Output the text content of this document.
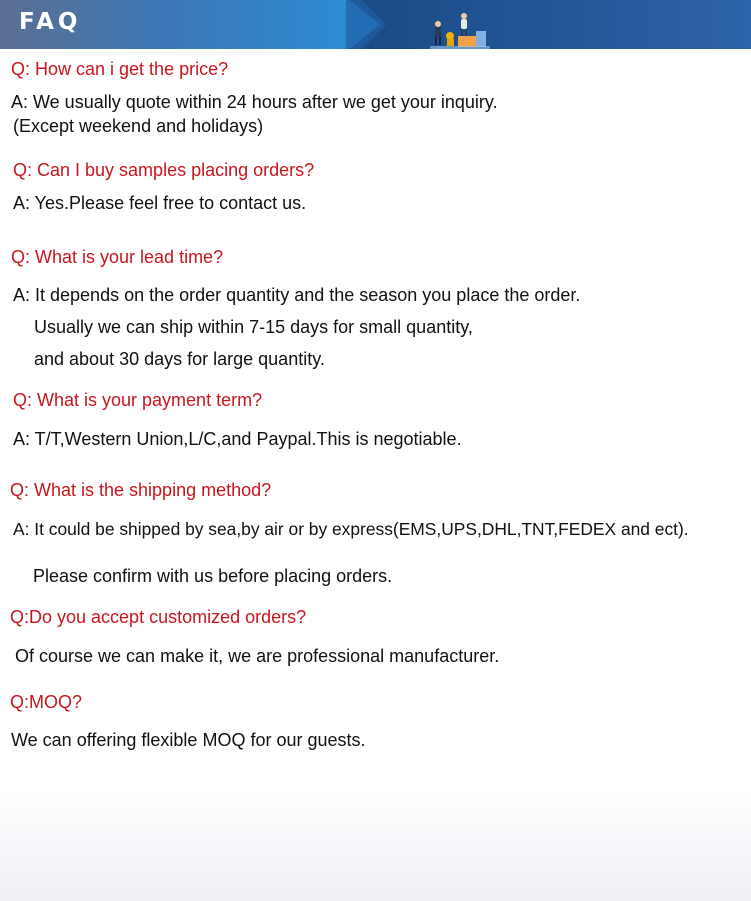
FAQ

Q: How can i get the price?

A: We usually quote within 24 hours after we get your inquiry.

(Except weekend and holidays)

Q: Can I buy samples placing orders?

A: Yes.Please feel free to contact us.

Q: What is your lead time?

A: It depends on the order quantity and the season you place the order.

Usually we can ship within 7-15 days for small quantity,

and about 30 days for large quantity.

Q: What is your payment term?

A: T/T,Western Union,L/C,and Paypal.This is negotiable.

Q: What is the shipping method?

A: It could be shipped by sea,by air or by express(EMS,UPS,DHL,TNT,FEDEX and ect).

Please confirm with us before placing orders.

Q:Do you accept customized orders?

Of course we can make it, we are professional manufacturer.

Q:MOQ?

We can offering flexible MOQ for our guests.
